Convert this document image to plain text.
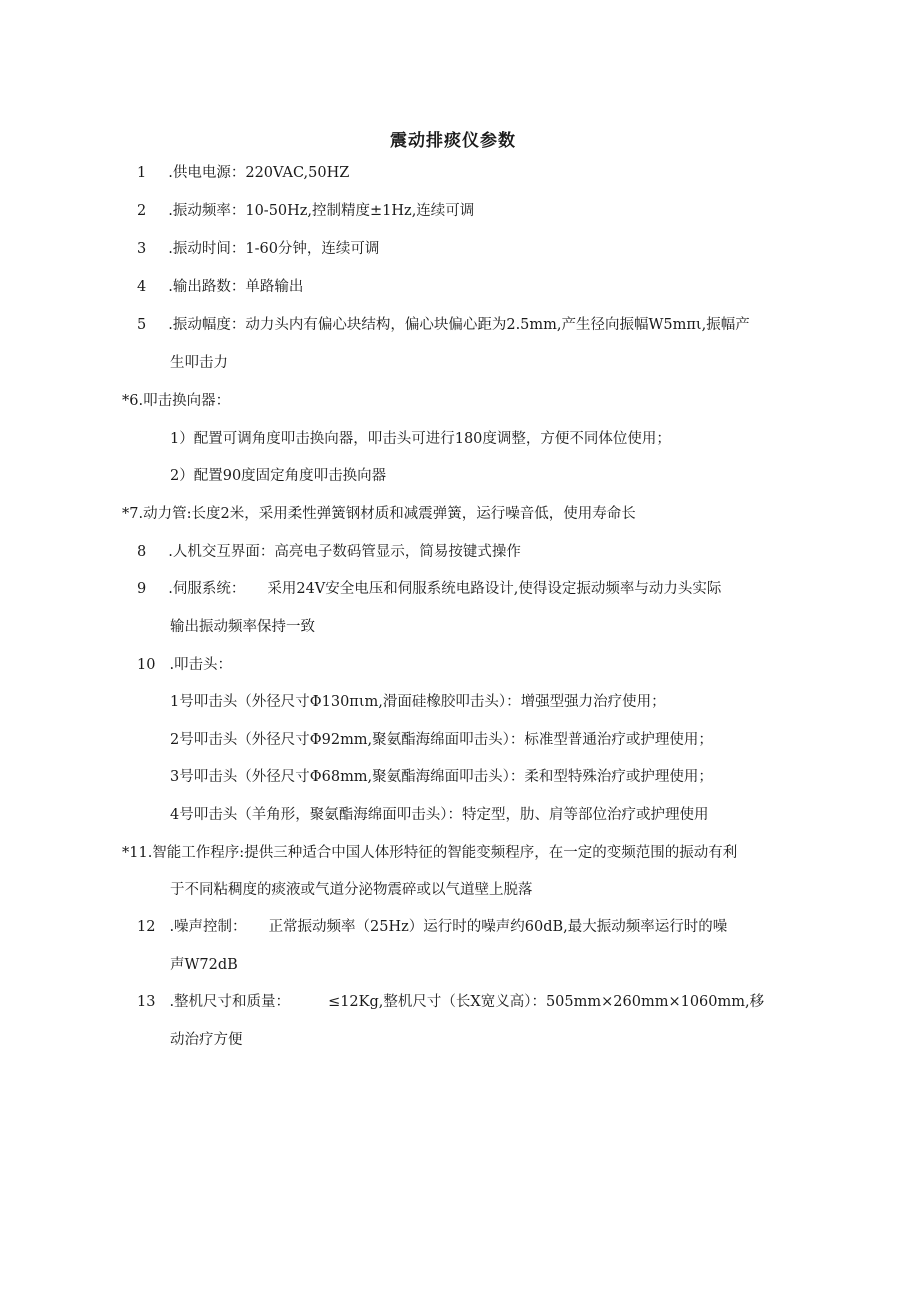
震动排痰仪参数
1 .供电电源：220VAC,50HZ
2 .振动频率：10-50Hz,控制精度±1Hz,连续可调
3 .振动时间：1-60分钟，连续可调
4 .输出路数：单路输出
5 .振动幅度：动力头内有偏心块结构，偏心块偏心距为2.5mm,产生径向振幅W5mπι,振幅产
生叩击力
*6.叩击换向器：
1）配置可调角度叩击换向器，叩击头可进行180度调整，方便不同体位使用；
2）配置90度固定角度叩击换向器
*7.动力管:长度2米，采用柔性弹簧钢材质和减震弹簧，运行噪音低，使用寿命长
8 .人机交互界面：高亮电子数码管显示，简易按键式操作
9 .伺服系统： 采用24V安全电压和伺服系统电路设计,使得设定振动频率与动力头实际
输出振动频率保持一致
10 .叩击头：
1号叩击头（外径尺寸Φ130πιm,滑面硅橡胶叩击头）：增强型强力治疗使用；
2号叩击头（外径尺寸Φ92mm,聚氨酯海绵面叩击头）：标准型普通治疗或护理使用；
3号叩击头（外径尺寸Φ68mm,聚氨酯海绵面叩击头）：柔和型特殊治疗或护理使用；
4号叩击头（羊角形，聚氨酯海绵面叩击头）：特定型，肋、肩等部位治疗或护理使用
*11.智能工作程序:提供三种适合中国人体形特征的智能变频程序，在一定的变频范围的振动有利
于不同粘稠度的痰液或气道分泌物震碎或以气道壁上脱落
12 .噪声控制： 正常振动频率（25Hz）运行时的噪声约60dB,最大振动频率运行时的噪
声W72dB
13 .整机尺寸和质量：	≤12Kg,整机尺寸（长X宽义高）：505mm×260mm×1060mm,移
动治疗方便
